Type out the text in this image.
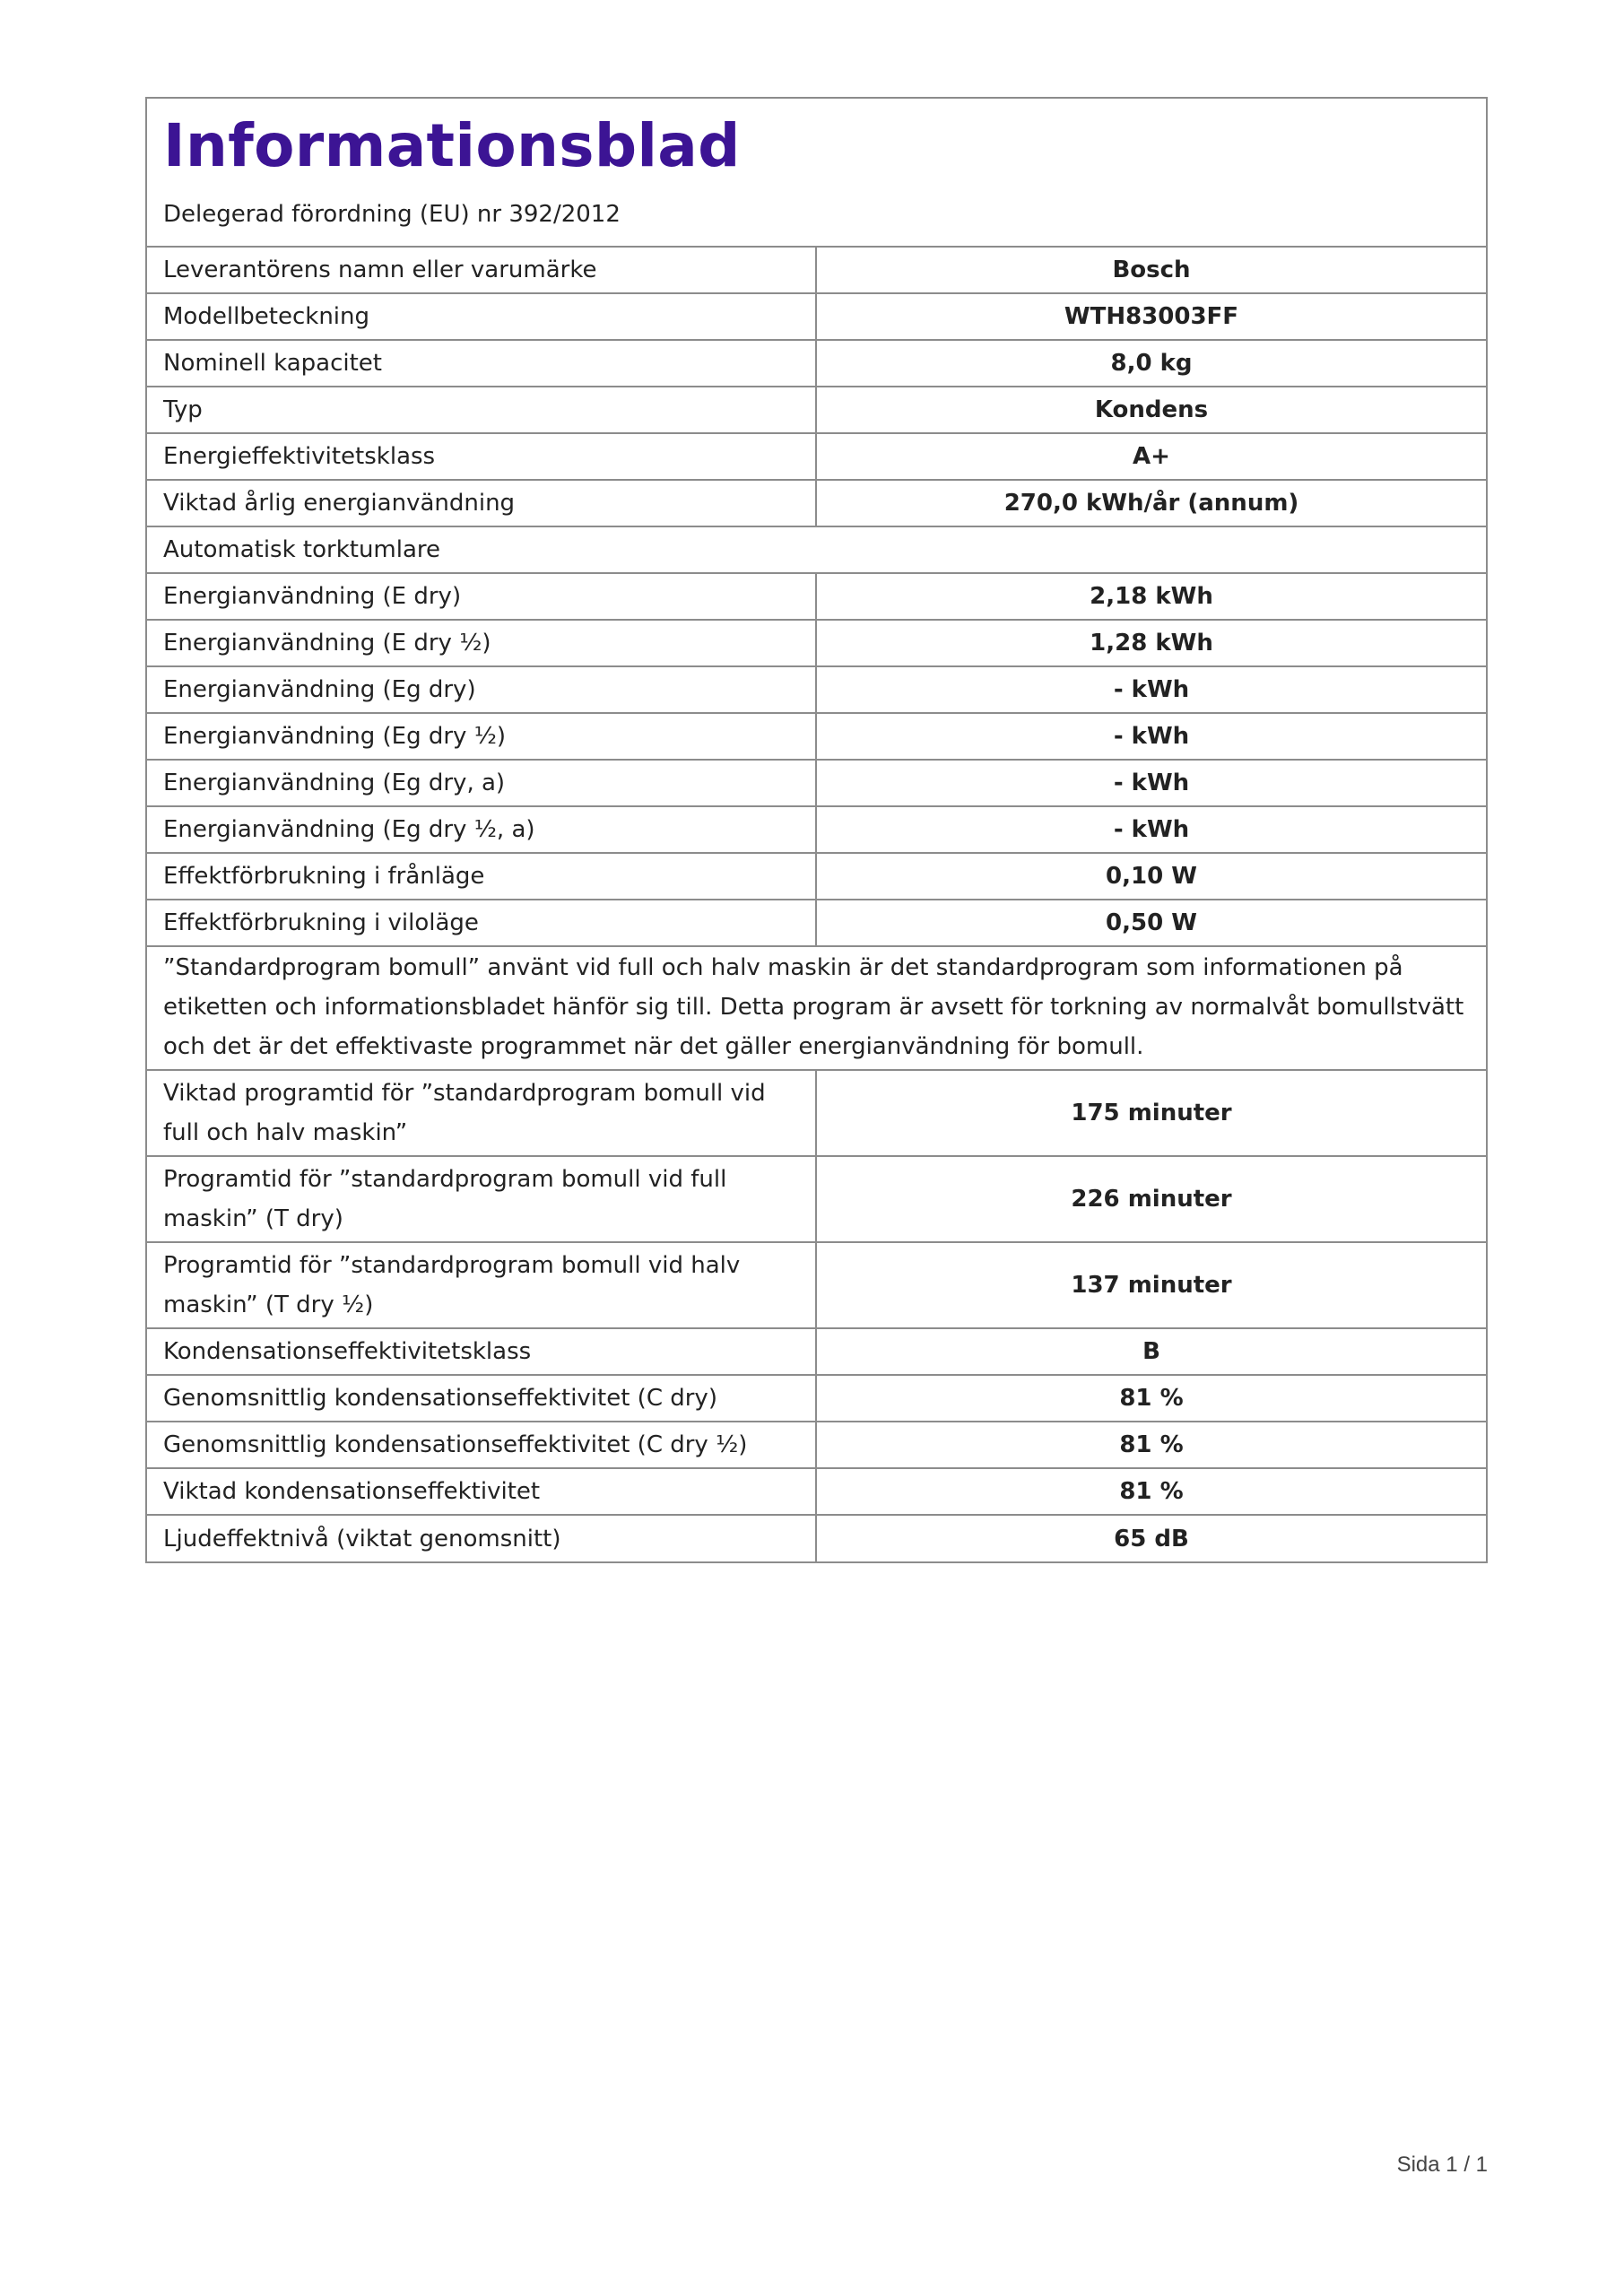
Informationsblad
Delegerad förordning (EU) nr 392/2012
Leverantörens namn eller varumärke	Bosch
Modellbeteckning	WTH83003FF
Nominell kapacitet	8,0 kg
Typ	Kondens
Energieffektivitetsklass	A+
Viktad årlig energianvändning	270,0 kWh/år (annum)
Automatisk torktumlare	
Energianvändning (E dry)	2,18 kWh
Energianvändning (E dry ½)	1,28 kWh
Energianvändning (Eg dry)	- kWh
Energianvändning (Eg dry ½)	- kWh
Energianvändning (Eg dry, a)	- kWh
Energianvändning (Eg dry ½, a)	- kWh
Effektförbrukning i frånläge	0,10 W
Effektförbrukning i viloläge	0,50 W
”Standardprogram bomull” använt vid full och halv maskin är det standardprogram som informationen på etiketten och informationsbladet hänför sig till. Detta program är avsett för torkning av normalvåt bomullstvätt och det är det effektivaste programmet när det gäller energianvändning för bomull.	
Viktad programtid för ”standardprogram bomull vid full och halv maskin”	175 minuter
Programtid för ”standardprogram bomull vid full maskin” (T dry)	226 minuter
Programtid för ”standardprogram bomull vid halv maskin” (T dry ½)	137 minuter
Kondensationseffektivitetsklass	B
Genomsnittlig kondensationseffektivitet (C dry)	81 %
Genomsnittlig kondensationseffektivitet (C dry ½)	81 %
Viktad kondensationseffektivitet	81 %
Ljudeffektnivå (viktat genomsnitt)	65 dB
Sida 1 / 1
